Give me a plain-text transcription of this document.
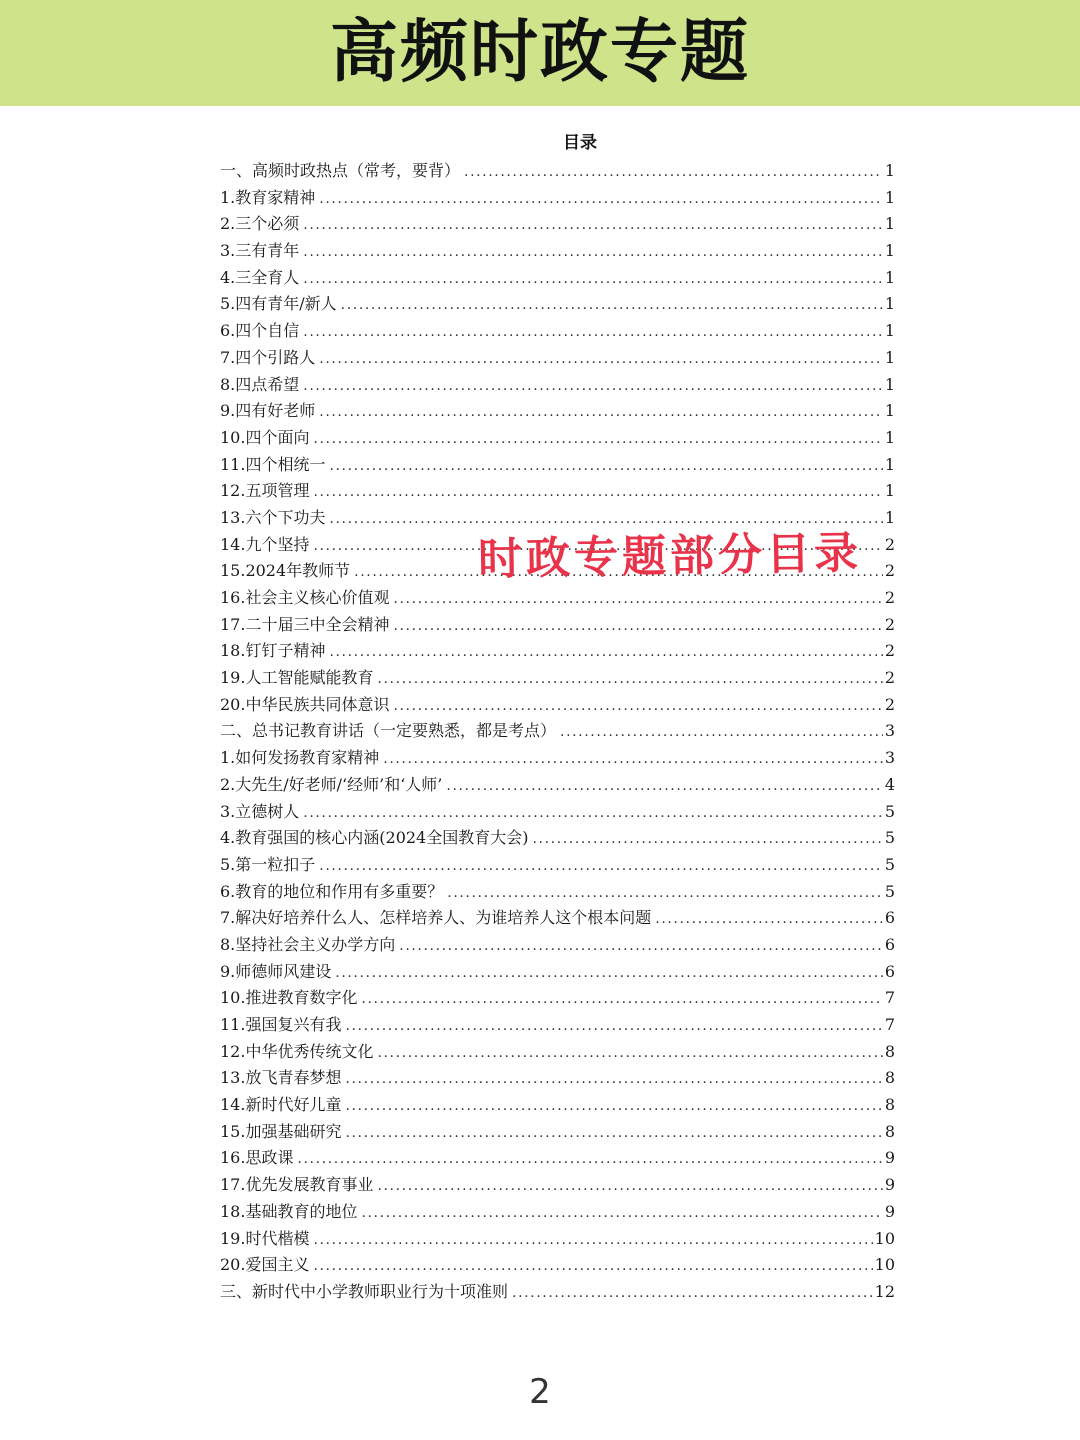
高频时政专题
目录
一、高频时政热点（常考，要背） .....	1
1.教育家精神 .....	1
2.三个必须 .....	1
3.三有青年 .....	1
4.三全育人 .....	1
5.四有青年/新人 .....	1
6.四个自信 .....	1
7.四个引路人 .....	1
8.四点希望 .....	1
9.四有好老师 .....	1
10.四个面向 .....	1
11.四个相统一 .....	1
12.五项管理 .....	1
13.六个下功夫 .....	1
14.九个坚持 .....	2
15.2024年教师节 .....	2
16.社会主义核心价值观 .....	2
17.二十届三中全会精神 .....	2
18.钉钉子精神 .....	2
19.人工智能赋能教育 .....	2
20.中华民族共同体意识 .....	2
二、总书记教育讲话（一定要熟悉，都是考点） .....	3
1.如何发扬教育家精神 .....	3
2.大先生/好老师/‘经师’和‘人师’ .....	4
3.立德树人 .....	5
4.教育强国的核心内涵(2024全国教育大会) .....	5
5.第一粒扣子 .....	5
6.教育的地位和作用有多重要？ .....	5
7.解决好培养什么人、怎样培养人、为谁培养人这个根本问题 .....	6
8.坚持社会主义办学方向 .....	6
9.师德师风建设 .....	6
10.推进教育数字化 .....	7
11.强国复兴有我 .....	7
12.中华优秀传统文化 .....	8
13.放飞青春梦想 .....	8
14.新时代好儿童 .....	8
15.加强基础研究 .....	8
16.思政课 .....	9
17.优先发展教育事业 .....	9
18.基础教育的地位 .....	9
19.时代楷模 .....	10
20.爱国主义 .....	10
三、新时代中小学教师职业行为十项准则 .....	12
时政专题部分目录
2
